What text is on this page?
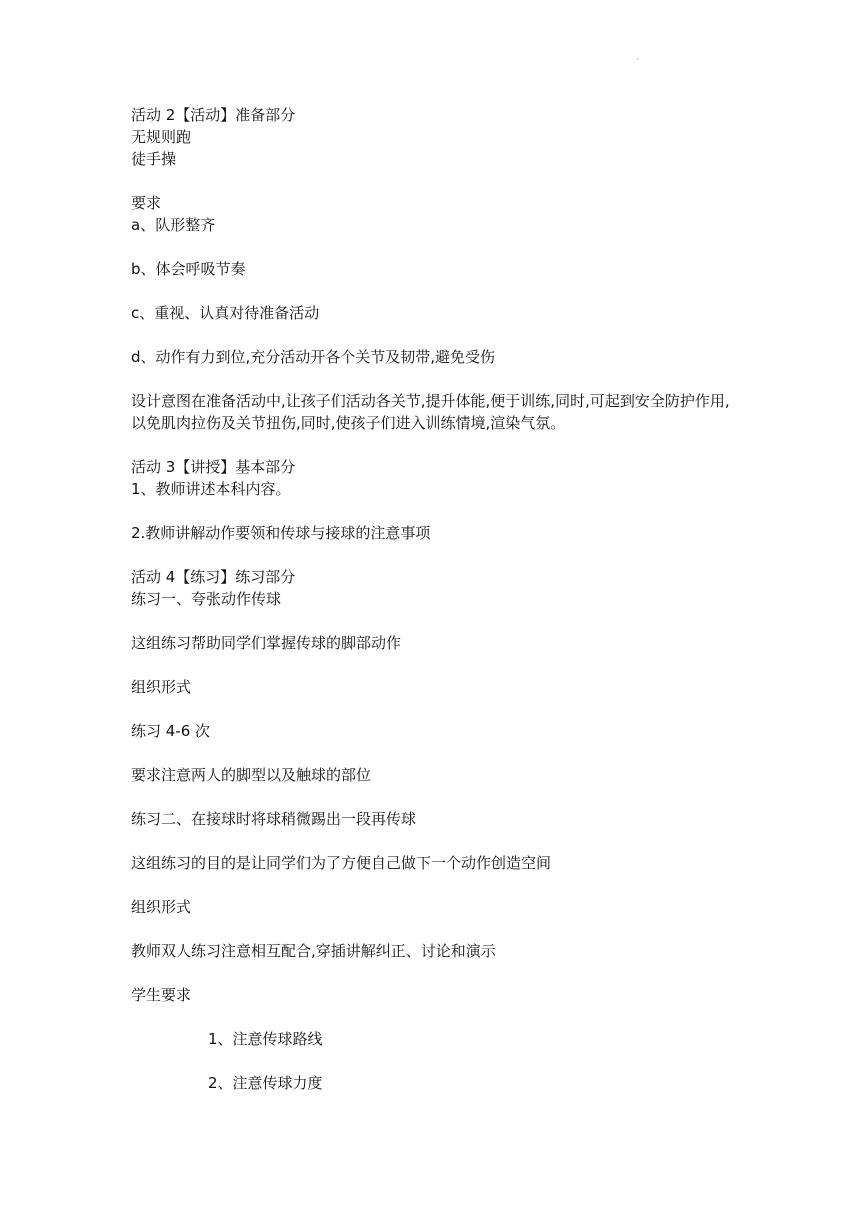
·

活动 2【活动】准备部分

无规则跑

徒手操

要求

a、队形整齐

b、体会呼吸节奏

c、重视、认真对待准备活动

d、动作有力到位,充分活动开各个关节及韧带,避免受伤

设计意图在准备活动中,让孩子们活动各关节,提升体能,便于训练,同时,可起到安全防护作用,以免肌肉拉伤及关节扭伤,同时,使孩子们进入训练情境,渲染气氛。

活动 3【讲授】基本部分

1、教师讲述本科内容。

2.教师讲解动作要领和传球与接球的注意事项

活动 4【练习】练习部分

练习一、夸张动作传球

这组练习帮助同学们掌握传球的脚部动作

组织形式

练习 4-6 次

要求注意两人的脚型以及触球的部位

练习二、在接球时将球稍微踢出一段再传球

这组练习的目的是让同学们为了方便自己做下一个动作创造空间

组织形式

教师双人练习注意相互配合,穿插讲解纠正、讨论和演示

学生要求

1、注意传球路线

2、注意传球力度
